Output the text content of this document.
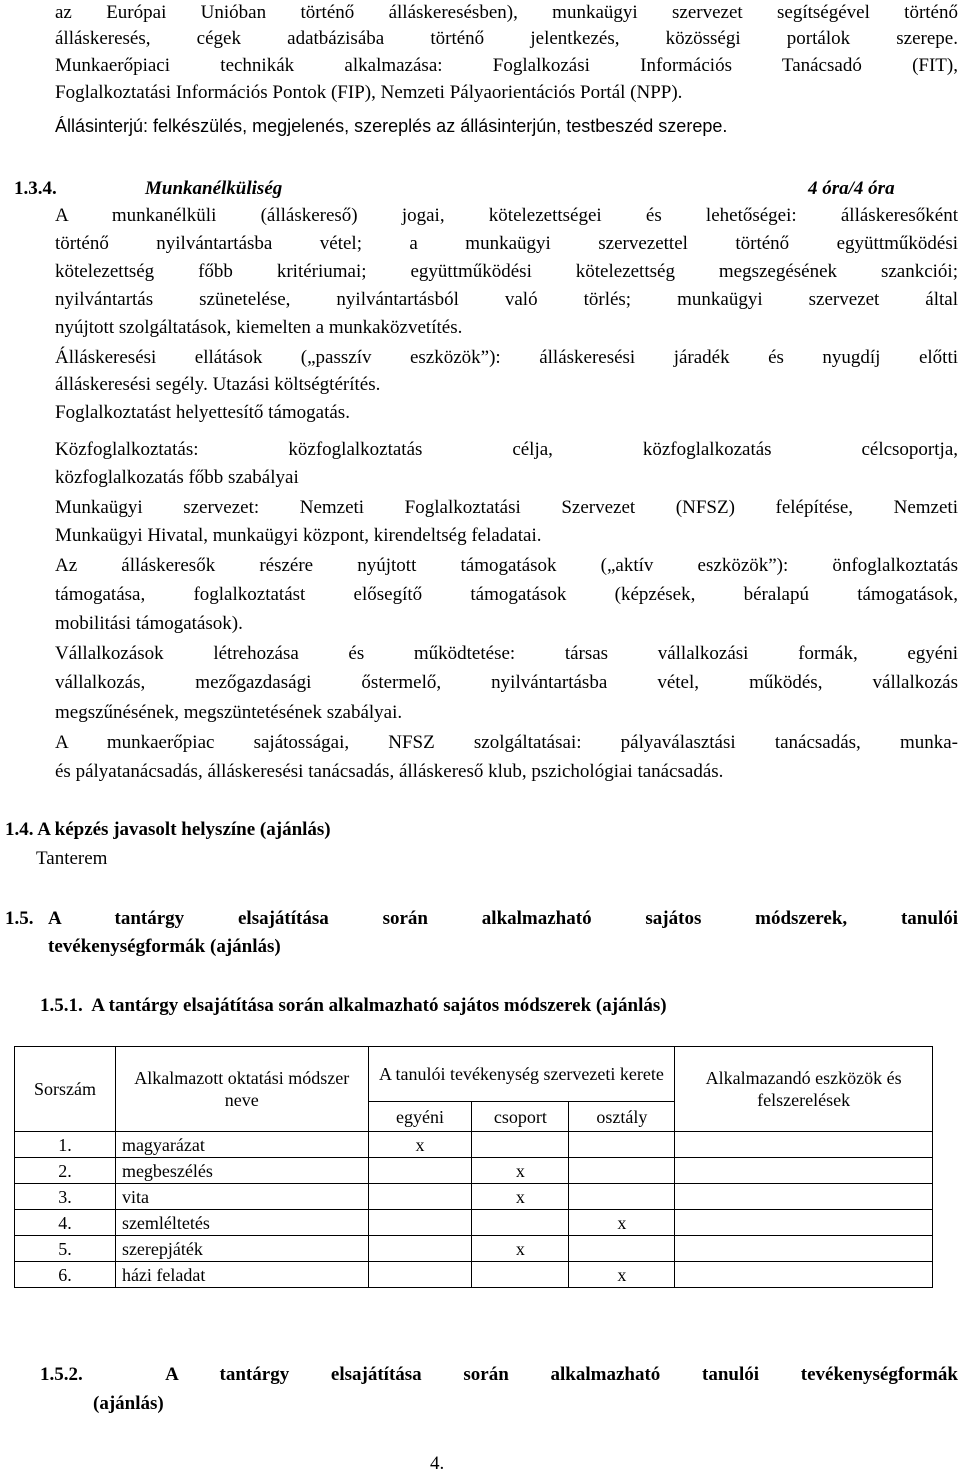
az Európai Unióban történő álláskeresésben), munkaügyi szervezet segítségével történő
álláskeresés, cégek adatbázisába történő jelentkezés, közösségi portálok szerepe.
Munkaerőpiaci technikák alkalmazása: Foglalkozási Információs Tanácsadó (FIT),
Foglalkoztatási Információs Pontok (FIP), Nemzeti Pályaorientációs Portál (NPP).
Állásinterjú: felkészülés, megjelenés, szereplés az állásinterjún, testbeszéd szerepe.
1.3.4.	Munkanélküliség	4 óra/4 óra
A munkanélküli (álláskereső) jogai, kötelezettségei és lehetőségei: álláskeresőként
történő nyilvántartásba vétel; a munkaügyi szervezettel történő együttműködési
kötelezettség főbb kritériumai; együttműködési kötelezettség megszegésének szankciói;
nyilvántartás szünetelése, nyilvántartásból való törlés; munkaügyi szervezet által
nyújtott szolgáltatások, kiemelten a munkaközvetítés.
Álláskeresési ellátások („passzív eszközök”): álláskeresési járadék és nyugdíj előtti
álláskeresési segély. Utazási költségtérítés.
Foglalkoztatást helyettesítő támogatás.
Közfoglalkoztatás: közfoglalkoztatás célja, közfoglalkozatás célcsoportja,
közfoglalkozatás főbb szabályai
Munkaügyi szervezet: Nemzeti Foglalkoztatási Szervezet (NFSZ) felépítése, Nemzeti
Munkaügyi Hivatal, munkaügyi központ, kirendeltség feladatai.
Az álláskeresők részére nyújtott támogatások („aktív eszközök”): önfoglalkoztatás
támogatása, foglalkoztatást elősegítő támogatások (képzések, béralapú támogatások,
mobilitási támogatások).
Vállalkozások létrehozása és működtetése: társas vállalkozási formák, egyéni
vállalkozás, mezőgazdasági őstermelő, nyilvántartásba vétel, működés, vállalkozás
megszűnésének, megszüntetésének szabályai.
A munkaerőpiac sajátosságai, NFSZ szolgáltatásai: pályaválasztási tanácsadás, munka-
és pályatanácsadás, álláskeresési tanácsadás, álláskereső klub, pszichológiai tanácsadás.
1.4. A képzés javasolt helyszíne (ajánlás)
Tanterem
1.5. A tantárgy elsajátítása során alkalmazható sajátos módszerek, tanulói
tevékenységformák (ajánlás)
1.5.1.  A tantárgy elsajátítása során alkalmazható sajátos módszerek (ajánlás)
Sorszám	Alkalmazott oktatási módszer neve	A tanulói tevékenység szervezeti kerete			Alkalmazandó eszközök és felszerelések
		egyéni	csoport	osztály	
1.	magyarázat	x			
2.	megbeszélés		x		
3.	vita		x		
4.	szemléltetés			x	
5.	szerepjáték		x		
6.	házi feladat			x	
1.5.2.  A tantárgy elsajátítása során alkalmazható tanulói tevékenységformák
(ajánlás)
4.
